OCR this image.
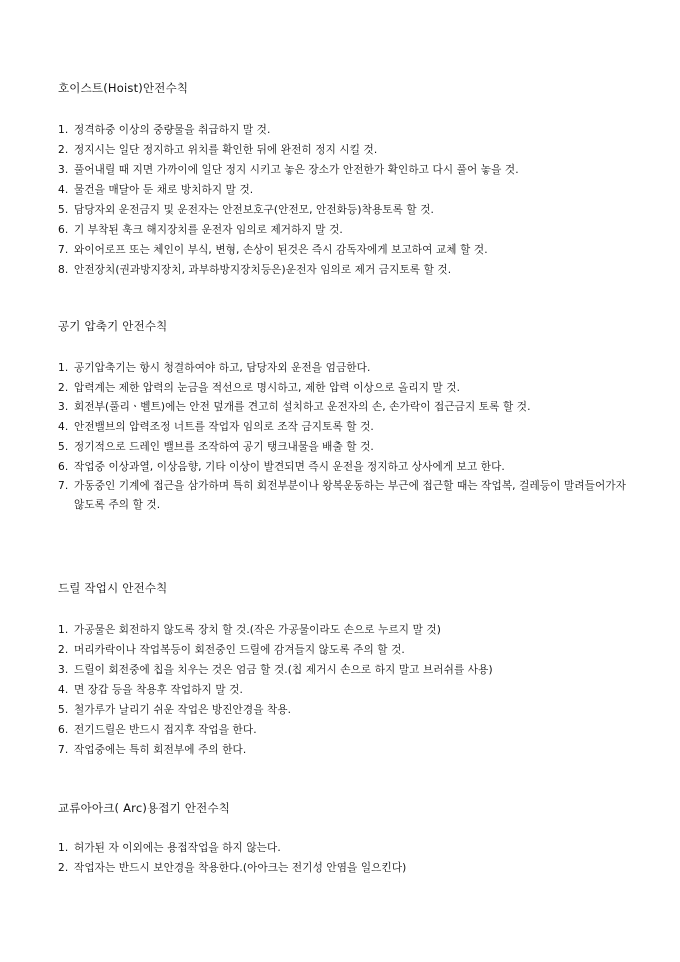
호이스트(Hoist)안전수칙
1. 정격하중 이상의 중량물을 취급하지 말 것.
2. 정지시는 일단 정지하고 위치를 확인한 뒤에 완전히 정지 시킬 것.
3. 풀어내릴 때 지면 가까이에 일단 정지 시키고 놓은 장소가 안전한가 확인하고 다시 풀어 놓을 것.
4. 물건을 매달아 둔 채로 방치하지 말 것.
5. 담당자외 운전금지 및 운전자는 안전보호구(안전모, 안전화등)착용토록 할 것.
6. 기 부착된 훅크 해지장치를 운전자 임의로 제거하지 말 것.
7. 와이어로프 또는 체인이 부식, 변형, 손상이 된것은 즉시 감독자에게 보고하여 교체 할 것.
8. 안전장치(권과방지장치, 과부하방지장치등은)운전자 임의로 제거 금지토록 할 것.
공기 압축기 안전수칙
1. 공기압축기는 항시 청결하여야 하고, 담당자외 운전을 엄금한다.
2. 압력계는 제한 압력의 눈금을 적선으로 명시하고, 제한 압력 이상으로 올리지 말 것.
3. 회전부(풀리ㆍ벨트)에는 안전 덮개를 견고히 설치하고 운전자의 손, 손가락이 접근금지 토록 할 것.
4. 안전밸브의 압력조정 너트를 작업자 임의로 조작 금지토록 할 것.
5. 정기적으로 드레인 밸브를 조작하여 공기 탱크내물을 배출 할 것.
6. 작업중 이상과열, 이상음향, 기타 이상이 발견되면 즉시 운전을 정지하고 상사에게 보고 한다.
7. 가동중인 기계에 접근을 삼가하며 특히 회전부분이나 왕복운동하는 부근에 접근할 때는 작업복, 걸레등이 말려들어가자 않도록 주의 할 것.
드릴 작업시 안전수칙
1. 가공물은 회전하지 않도록 장치 할 것.(작은 가공물이라도 손으로 누르지 말 것)
2. 머리카락이나 작업복등이 회전중인 드릴에 감겨들지 않도록 주의 할 것.
3. 드릴이 회전중에 칩을 치우는 것은 엄금 할 것.(칩 제거시 손으로 하지 말고 브러쉬를 사용)
4. 면 장갑 등을 착용후 작업하지 말 것.
5. 철가루가 날리기 쉬운 작업은 방진안경을 착용.
6. 전기드릴은 반드시 접지후 작업을 한다.
7. 작업중에는 특히 회전부에 주의 한다.
교류아아크( Arc)용접기 안전수칙
1. 허가된 자 이외에는 용접작업을 하지 않는다.
2. 작업자는 반드시 보안경을 착용한다.(아아크는 전기성 안염을 일으킨다)
